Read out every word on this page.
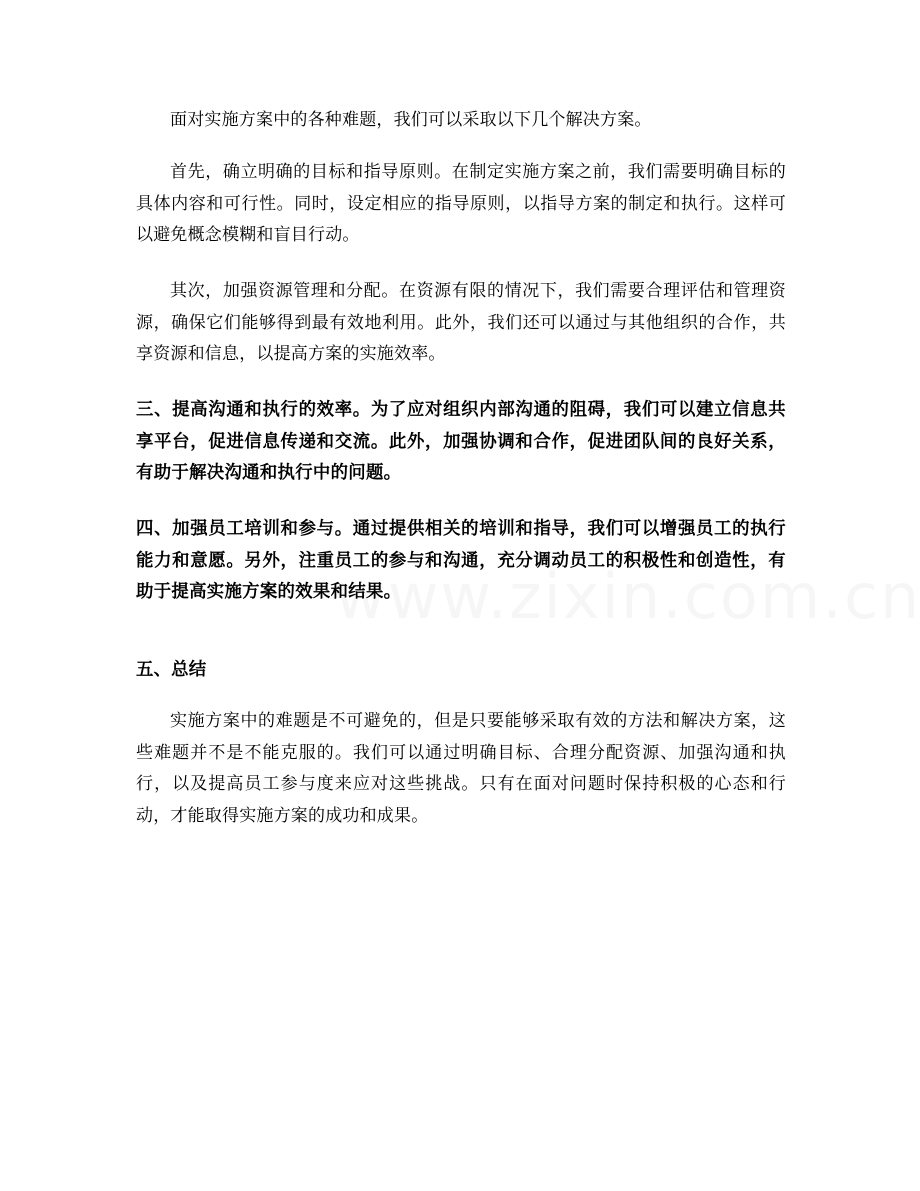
面对实施方案中的各种难题，我们可以采取以下几个解决方案。

首先，确立明确的目标和指导原则。在制定实施方案之前，我们需要明确目标的具体内容和可行性。同时，设定相应的指导原则，以指导方案的制定和执行。这样可以避免概念模糊和盲目行动。

其次，加强资源管理和分配。在资源有限的情况下，我们需要合理评估和管理资源，确保它们能够得到最有效地利用。此外，我们还可以通过与其他组织的合作，共享资源和信息，以提高方案的实施效率。

三、提高沟通和执行的效率。为了应对组织内部沟通的阻碍，我们可以建立信息共享平台，促进信息传递和交流。此外，加强协调和合作，促进团队间的良好关系，有助于解决沟通和执行中的问题。

四、加强员工培训和参与。通过提供相关的培训和指导，我们可以增强员工的执行能力和意愿。另外，注重员工的参与和沟通，充分调动员工的积极性和创造性，有助于提高实施方案的效果和结果。

五、总结

实施方案中的难题是不可避免的，但是只要能够采取有效的方法和解决方案，这些难题并不是不能克服的。我们可以通过明确目标、合理分配资源、加强沟通和执行，以及提高员工参与度来应对这些挑战。只有在面对问题时保持积极的心态和行动，才能取得实施方案的成功和成果。
